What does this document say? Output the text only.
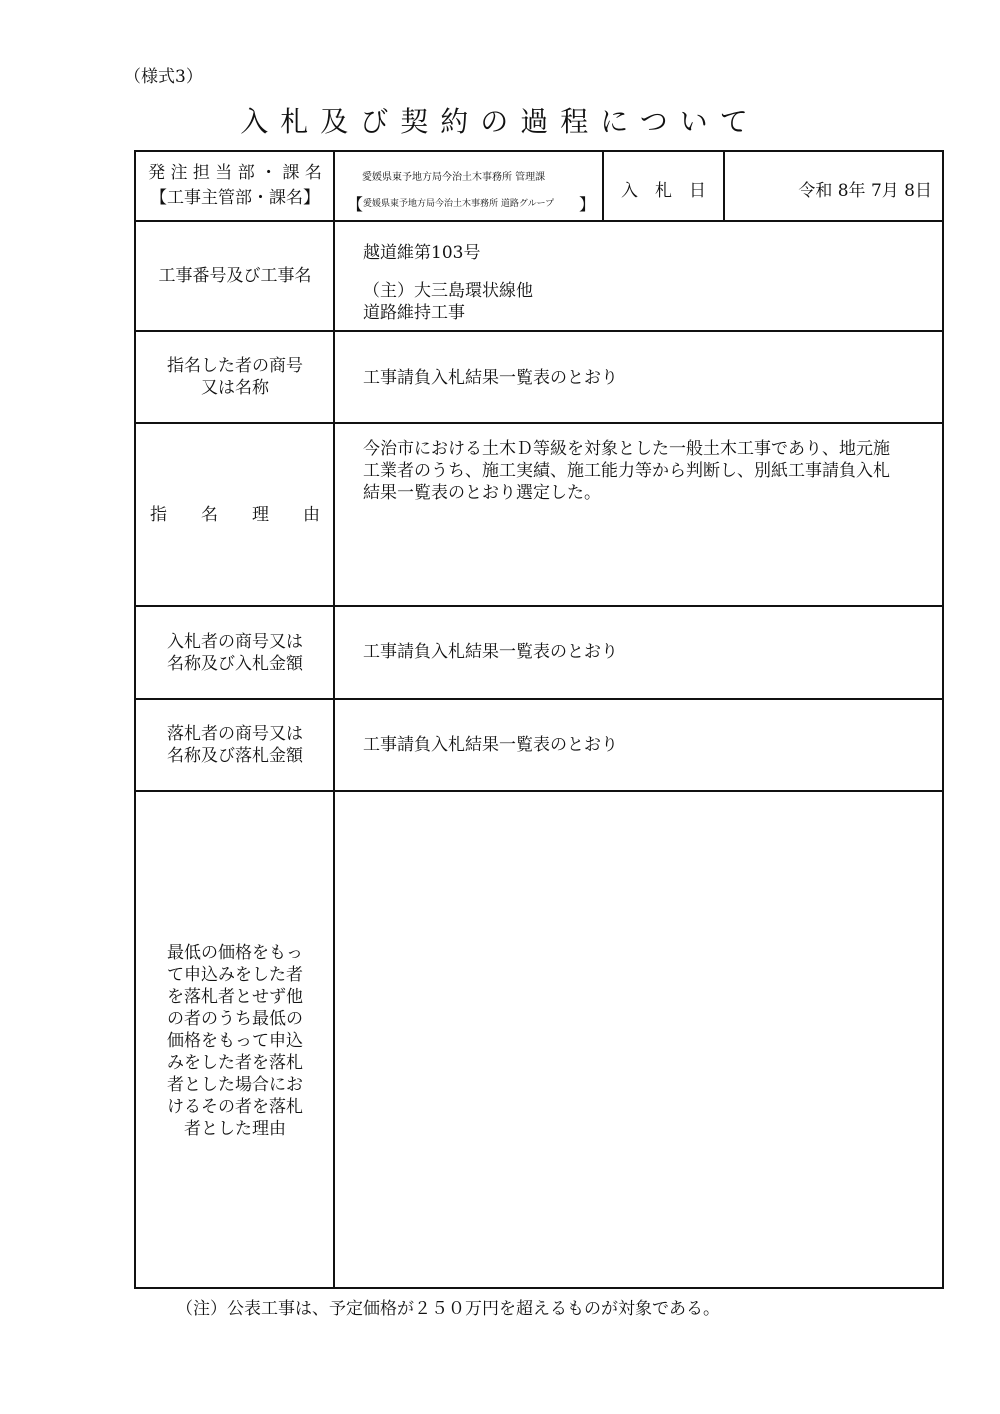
（様式3）
入札及び契約の過程について
発 注 担 当 部 ・ 課 名
【工事主管部・課名】
愛媛県東予地方局今治土木事務所 管理課
【 愛媛県東予地方局今治土木事務所 道路グループ 】
入　札　日	令和 8年 7月 8日
工事番号及び工事名
越道維第103号
（主）大三島環状線他
道路維持工事
指名した者の商号
又は名称	工事請負入札結果一覧表のとおり
指　　名　　理　　由
今治市における土木Ｄ等級を対象とした一般土木工事であり、地元施
工業者のうち、施工実績、施工能力等から判断し、別紙工事請負入札
結果一覧表のとおり選定した。
入札者の商号又は
名称及び入札金額
工事請負入札結果一覧表のとおり
落札者の商号又は
名称及び落札金額
工事請負入札結果一覧表のとおり
最低の価格をもっ
て申込みをした者
を落札者とせず他
の者のうち最低の
価格をもって申込
みをした者を落札
者とした場合にお
けるその者を落札
者とした理由
（注）公表工事は、予定価格が２５０万円を超えるものが対象である。
